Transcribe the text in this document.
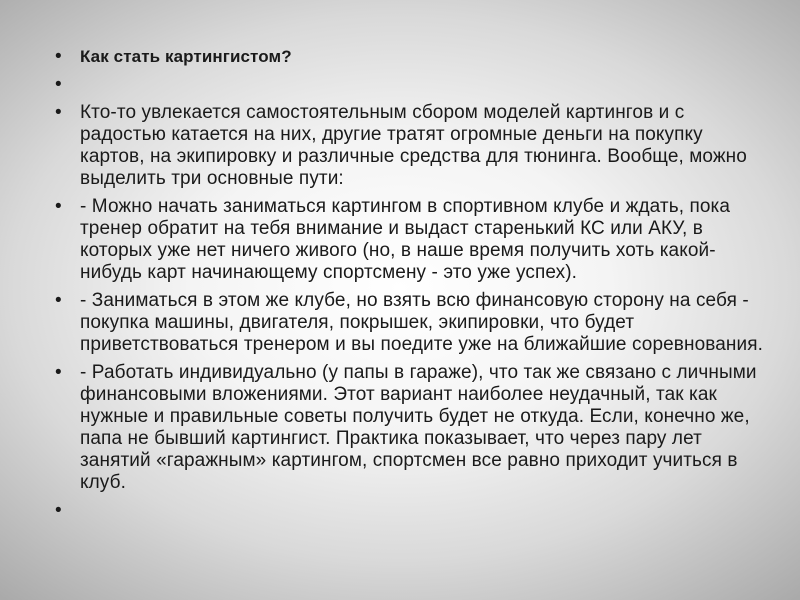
• Как стать картингистом?
•
• Кто-то увлекается самостоятельным сбором моделей картингов и с радостью катается на них, другие тратят огромные деньги на покупку картов, на экипировку и различные средства для тюнинга. Вообще, можно выделить три основные пути:
• - Можно начать заниматься картингом в спортивном клубе и ждать, пока тренер обратит на тебя внимание и выдаст старенький КС или АКУ, в которых уже нет ничего живого (но, в наше время получить хоть какой-нибудь карт начинающему спортсмену - это уже успех).
• - Заниматься в этом же клубе, но взять всю финансовую сторону на себя - покупка машины, двигателя, покрышек, экипировки, что будет приветствоваться тренером и вы поедите уже на ближайшие соревнования.
• - Работать индивидуально (у папы в гараже), что так же связано с личными финансовыми вложениями. Этот вариант наиболее неудачный, так как нужные и правильные советы получить будет не откуда. Если, конечно же, папа не бывший картингист. Практика показывает, что через пару лет занятий «гаражным» картингом, спортсмен все равно приходит учиться в клуб.
•
